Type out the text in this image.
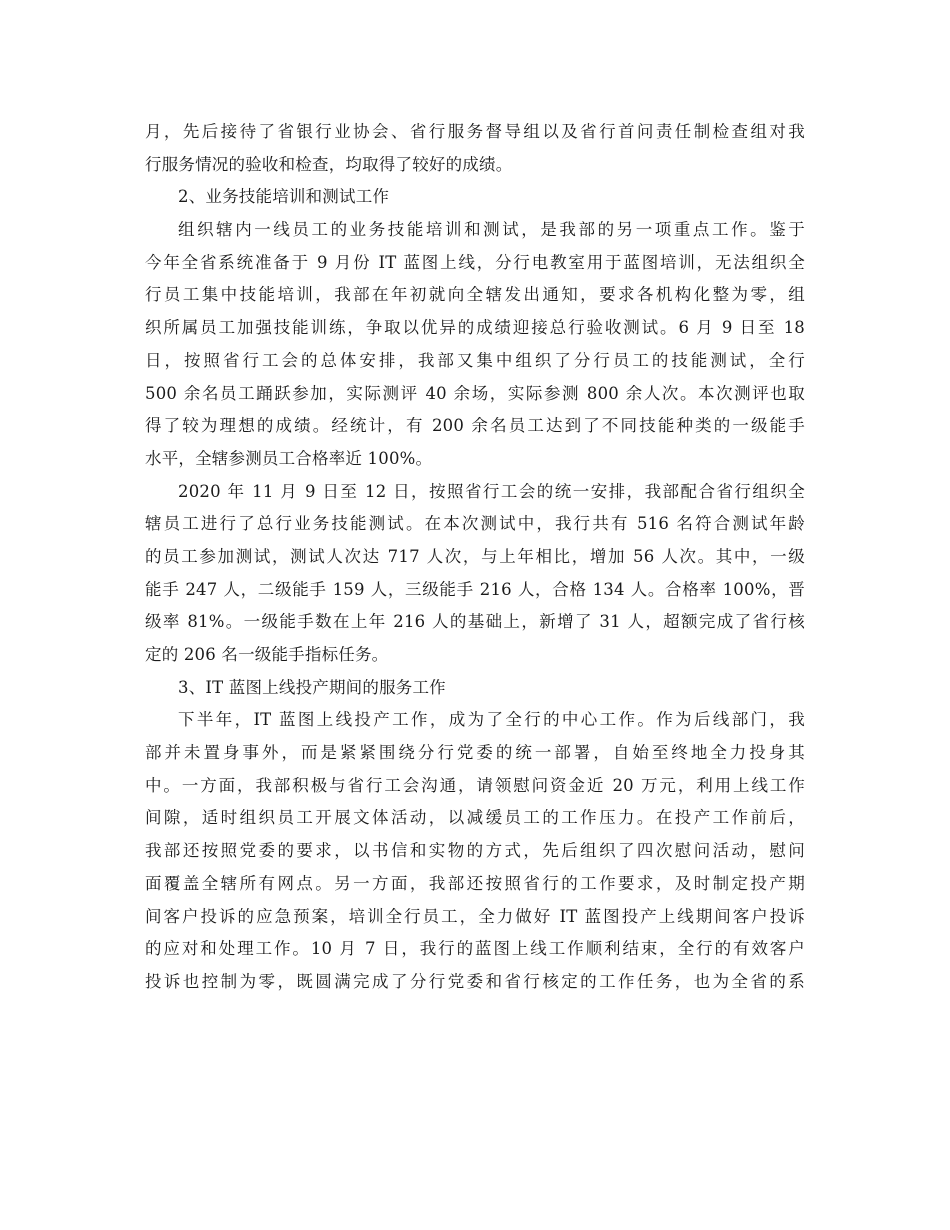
月，先后接待了省银行业协会、省行服务督导组以及省行首问责任制检查组对我
行服务情况的验收和检查，均取得了较好的成绩。
2、业务技能培训和测试工作
组织辖内一线员工的业务技能培训和测试，是我部的另一项重点工作。鉴于
今年全省系统准备于 9 月份 IT 蓝图上线，分行电教室用于蓝图培训，无法组织全
行员工集中技能培训，我部在年初就向全辖发出通知，要求各机构化整为零，组
织所属员工加强技能训练，争取以优异的成绩迎接总行验收测试。6 月 9 日至 18
日，按照省行工会的总体安排，我部又集中组织了分行员工的技能测试，全行
500 余名员工踊跃参加，实际测评 40 余场，实际参测 800 余人次。本次测评也取
得了较为理想的成绩。经统计，有 200 余名员工达到了不同技能种类的一级能手
水平，全辖参测员工合格率近 100%。
2020 年 11 月 9 日至 12 日，按照省行工会的统一安排，我部配合省行组织全
辖员工进行了总行业务技能测试。在本次测试中，我行共有 516 名符合测试年龄
的员工参加测试，测试人次达 717 人次，与上年相比，增加 56 人次。其中，一级
能手 247 人，二级能手 159 人，三级能手 216 人，合格 134 人。合格率 100%，晋
级率 81%。一级能手数在上年 216 人的基础上，新增了 31 人，超额完成了省行核
定的 206 名一级能手指标任务。
3、IT 蓝图上线投产期间的服务工作
下半年，IT 蓝图上线投产工作，成为了全行的中心工作。作为后线部门，我
部并未置身事外，而是紧紧围绕分行党委的统一部署，自始至终地全力投身其
中。一方面，我部积极与省行工会沟通，请领慰问资金近 20 万元，利用上线工作
间隙，适时组织员工开展文体活动，以减缓员工的工作压力。在投产工作前后，
我部还按照党委的要求，以书信和实物的方式，先后组织了四次慰问活动，慰问
面覆盖全辖所有网点。另一方面，我部还按照省行的工作要求，及时制定投产期
间客户投诉的应急预案，培训全行员工，全力做好 IT 蓝图投产上线期间客户投诉
的应对和处理工作。10 月 7 日，我行的蓝图上线工作顺利结束，全行的有效客户
投诉也控制为零，既圆满完成了分行党委和省行核定的工作任务，也为全省的系
